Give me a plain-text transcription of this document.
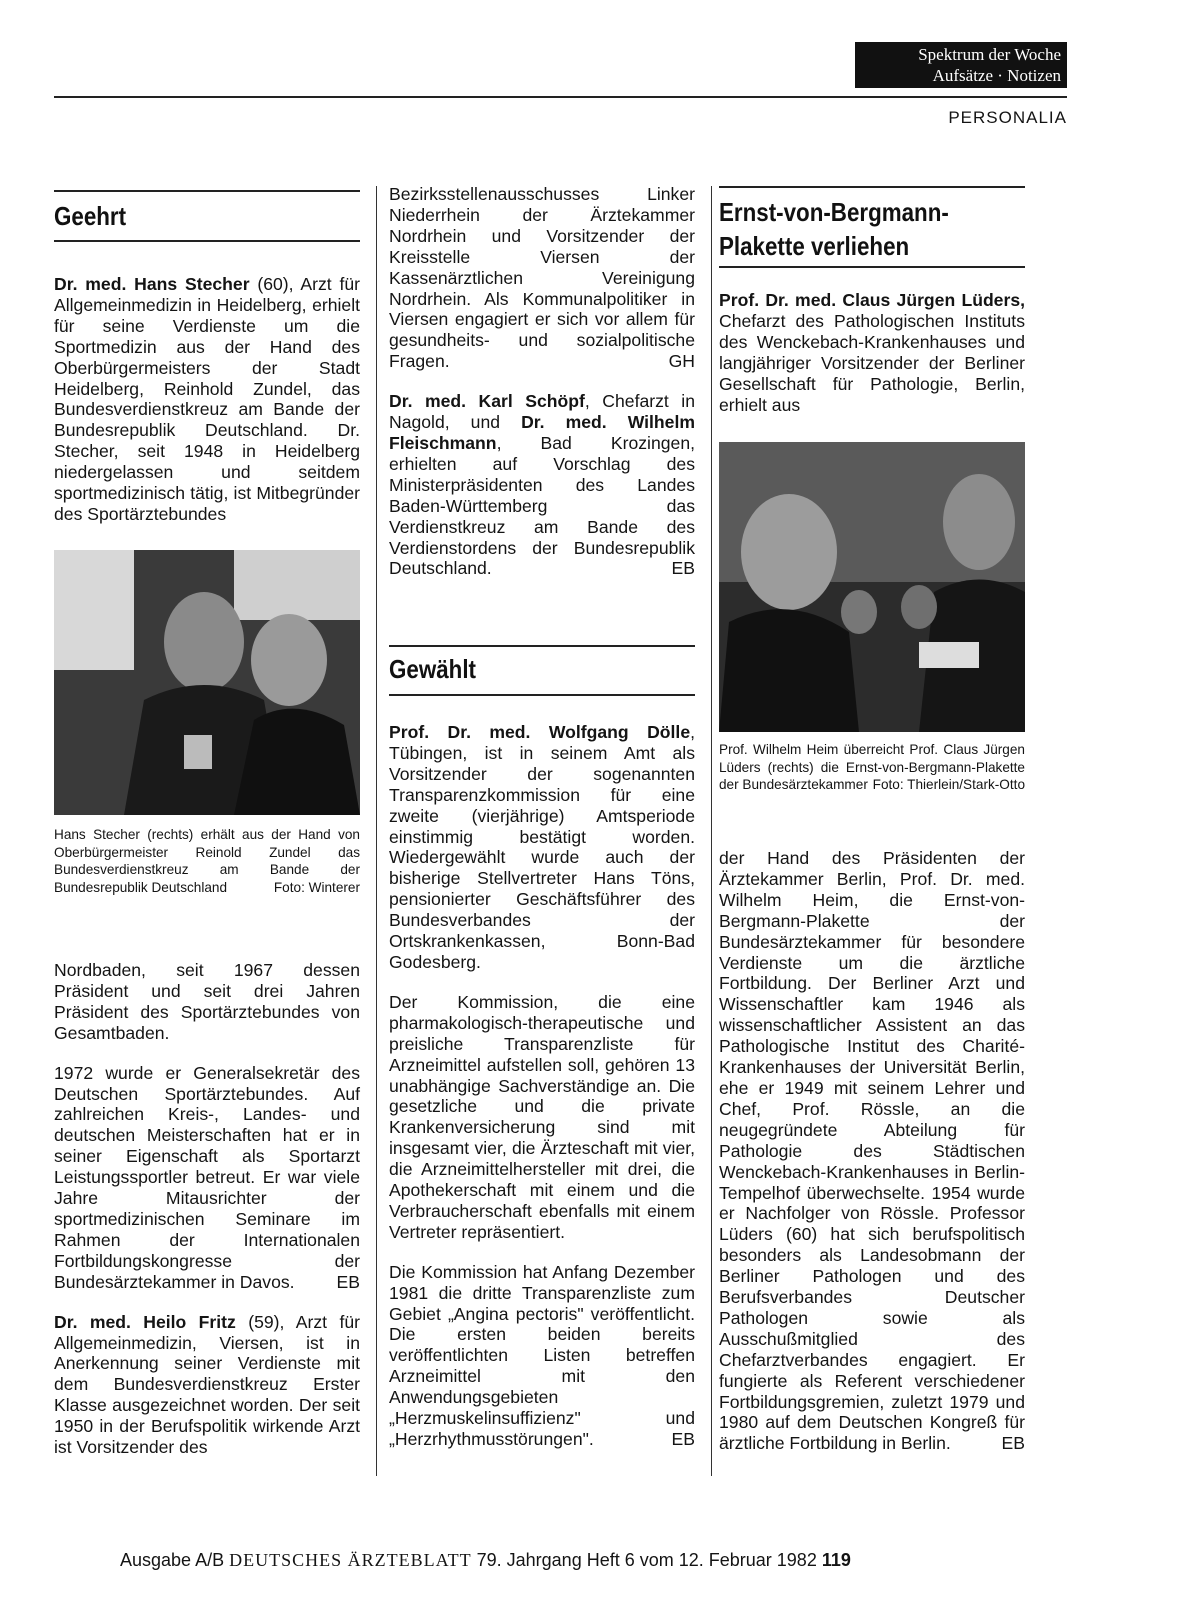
Spektrum der Woche
Aufsätze · Notizen
PERSONALIA
Geehrt

Dr. med. Hans Stecher (60), Arzt für Allgemeinmedizin in Heidelberg, erhielt für seine Verdienste um die Sportmedizin aus der Hand des Oberbürgermeisters der Stadt Heidelberg, Reinhold Zundel, das Bundesverdienstkreuz am Bande der Bundesrepublik Deutschland. Dr. Stecher, seit 1948 in Heidelberg niedergelassen und seitdem sportmedizinisch tätig, ist Mitbegründer des Sportärztebundes

Hans Stecher (rechts) erhält aus der Hand von Oberbürgermeister Reinold Zundel das Bundesverdienstkreuz am Bande der Bundesrepublik Deutschland	Foto: Winterer

Nordbaden, seit 1967 dessen Präsident und seit drei Jahren Präsident des Sportärztebundes von Gesamtbaden.

1972 wurde er Generalsekretär des Deutschen Sportärztebundes. Auf zahlreichen Kreis-, Landes- und deutschen Meisterschaften hat er in seiner Eigenschaft als Sportarzt Leistungssportler betreut. Er war viele Jahre Mitausrichter der sportmedizinischen Seminare im Rahmen der Internationalen Fortbildungskongresse der Bundesärztekammer in Davos. EB

Dr. med. Heilo Fritz (59), Arzt für Allgemeinmedizin, Viersen, ist in Anerkennung seiner Verdienste mit dem Bundesverdienstkreuz Erster Klasse ausgezeichnet worden. Der seit 1950 in der Berufspolitik wirkende Arzt ist Vorsitzender des

Bezirksstellenausschusses Linker Niederrhein der Ärztekammer Nordrhein und Vorsitzender der Kreisstelle Viersen der Kassenärztlichen Vereinigung Nordrhein. Als Kommunalpolitiker in Viersen engagiert er sich vor allem für gesundheits- und sozialpolitische Fragen.	GH

Dr. med. Karl Schöpf, Chefarzt in Nagold, und Dr. med. Wilhelm Fleischmann, Bad Krozingen, erhielten auf Vorschlag des Ministerpräsidenten des Landes Baden-Württemberg das Verdienstkreuz am Bande des Verdienstordens der Bundesrepublik Deutschland.	EB

Gewählt

Prof. Dr. med. Wolfgang Dölle, Tübingen, ist in seinem Amt als Vorsitzender der sogenannten Transparenzkommission für eine zweite (vierjährige) Amtsperiode einstimmig bestätigt worden. Wiedergewählt wurde auch der bisherige Stellvertreter Hans Töns, pensionierter Geschäftsführer des Bundesverbandes der Ortskrankenkassen, Bonn-Bad Godesberg.

Der Kommission, die eine pharmakologisch-therapeutische und preisliche Transparenzliste für Arzneimittel aufstellen soll, gehören 13 unabhängige Sachverständige an. Die gesetzliche und die private Krankenversicherung sind mit insgesamt vier, die Ärzteschaft mit vier, die Arzneimittelhersteller mit drei, die Apothekerschaft mit einem und die Verbraucherschaft ebenfalls mit einem Vertreter repräsentiert.

Die Kommission hat Anfang Dezember 1981 die dritte Transparenzliste zum Gebiet „Angina pectoris" veröffentlicht. Die ersten beiden bereits veröffentlichten Listen betreffen Arzneimittel mit den Anwendungsgebieten „Herzmuskelinsuffizienz" und „Herzrhythmusstörungen".	EB

Ernst-von-Bergmann-
Plakette verliehen

Prof. Dr. med. Claus Jürgen Lüders, Chefarzt des Pathologischen Instituts des Wenckebach-Krankenhauses und langjähriger Vorsitzender der Berliner Gesellschaft für Pathologie, Berlin, erhielt aus

Prof. Wilhelm Heim überreicht Prof. Claus Jürgen Lüders (rechts) die Ernst-von-Bergmann-Plakette der Bundesärztekammer Foto: Thierlein/Stark-Otto

der Hand des Präsidenten der Ärztekammer Berlin, Prof. Dr. med. Wilhelm Heim, die Ernst-von-Bergmann-Plakette der Bundesärztekammer für besondere Verdienste um die ärztliche Fortbildung. Der Berliner Arzt und Wissenschaftler kam 1946 als wissenschaftlicher Assistent an das Pathologische Institut des Charité-Krankenhauses der Universität Berlin, ehe er 1949 mit seinem Lehrer und Chef, Prof. Rössle, an die neugegründete Abteilung für Pathologie des Städtischen Wenckebach-Krankenhauses in Berlin-Tempelhof überwechselte. 1954 wurde er Nachfolger von Rössle. Professor Lüders (60) hat sich berufspolitisch besonders als Landesobmann der Berliner Pathologen und des Berufsverbandes Deutscher Pathologen sowie als Ausschußmitglied des Chefarztverbandes engagiert. Er fungierte als Referent verschiedener Fortbildungsgremien, zuletzt 1979 und 1980 auf dem Deutschen Kongreß für ärztliche Fortbildung in Berlin.	EB

Ausgabe A/B DEUTSCHES ÄRZTEBLATT 79. Jahrgang Heft 6 vom 12. Februar 1982 119
